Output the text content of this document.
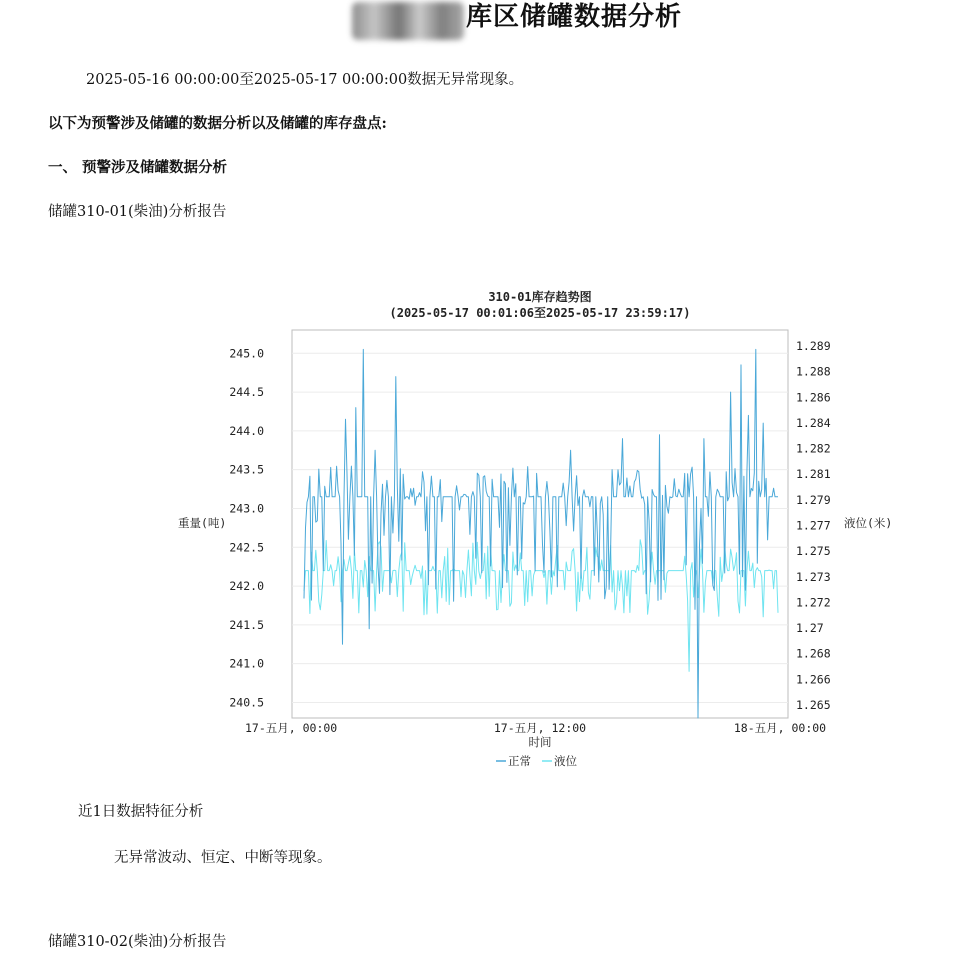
库区储罐数据分析
2025-05-16 00:00:00至2025-05-17 00:00:00数据无异常现象。
以下为预警涉及储罐的数据分析以及储罐的库存盘点:
一、 预警涉及储罐数据分析
储罐310-01(柴油)分析报告
310-01库存趋势图
(2025-05-17 00:01:06至2025-05-17 23:59:17)
245.0
244.5
244.0
243.5
243.0
242.5
242.0
241.5
241.0
240.5
1.289
1.288
1.286
1.284
1.282
1.281
1.279
1.277
1.275
1.273
1.272
1.27
1.268
1.266
1.265
17-五月, 00:00	17-五月, 12:00	18-五月, 00:00
重量(吨)	液位(米)
时间
正常 液位
近1日数据特征分析
无异常波动、恒定、中断等现象。
储罐310-02(柴油)分析报告
